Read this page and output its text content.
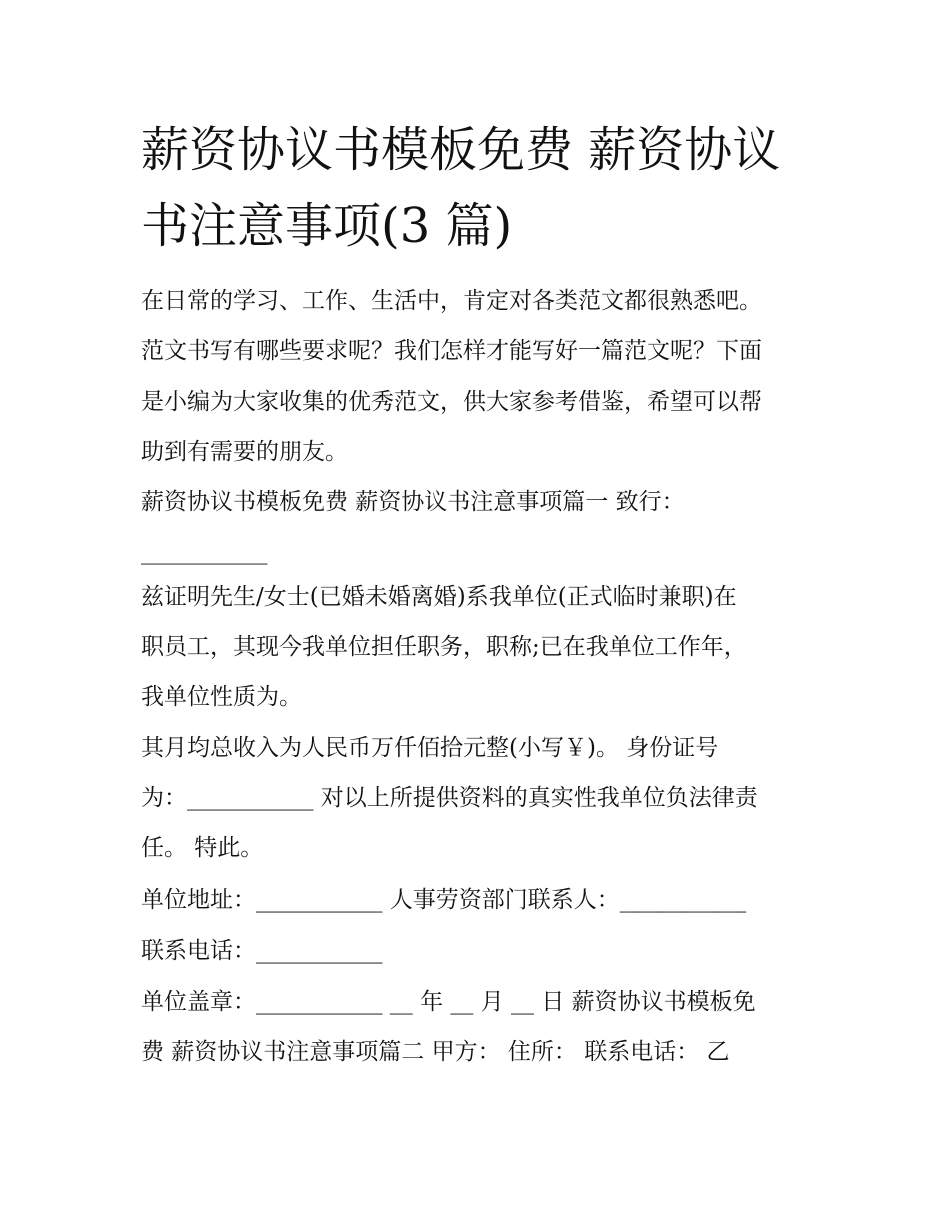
薪资协议书模板免费 薪资协议书注意事项(3 篇)
在日常的学习、工作、生活中，肯定对各类范文都很熟悉吧。
范文书写有哪些要求呢？我们怎样才能写好一篇范文呢？下面
是小编为大家收集的优秀范文，供大家参考借鉴，希望可以帮
助到有需要的朋友。
薪资协议书模板免费 薪资协议书注意事项篇一 致行：
___________
兹证明先生/女士(已婚未婚离婚)系我单位(正式临时兼职)在
职员工，其现今我单位担任职务，职称;已在我单位工作年，
我单位性质为。
其月均总收入为人民币万仟佰拾元整(小写￥)。 身份证号
为：___________ 对以上所提供资料的真实性我单位负法律责
任。 特此。
单位地址：___________ 人事劳资部门联系人：___________
联系电话：___________
单位盖章：___________ __ 年 __ 月 __ 日 薪资协议书模板免
费 薪资协议书注意事项篇二 甲方： 住所： 联系电话： 乙
